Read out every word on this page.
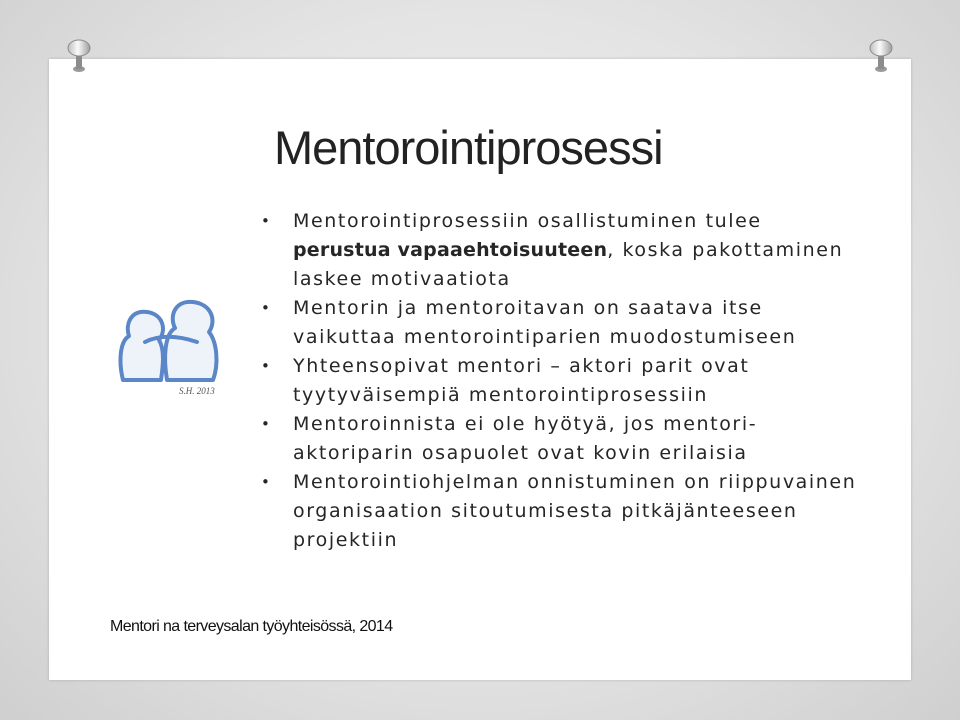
Mentorointiprosessi
S.H. 2013
• Mentorointiprosessiin osallistuminen tulee perustua vapaaehtoisuuteen, koska pakottaminen laskee motivaatiota
• Mentorin ja mentoroitavan on saatava itse vaikuttaa mentorointiparien muodostumiseen
• Yhteensopivat mentori – aktori parit ovat tyytyväisempiä mentorointiprosessiin
• Mentoroinnista ei ole hyötyä, jos mentori-aktoriparin osapuolet ovat kovin erilaisia
• Mentorointiohjelman onnistuminen on riippuvainen organisaation sitoutumisesta pitkäjänteeseen projektiin
Mentori na terveysalan työyhteisössä, 2014
